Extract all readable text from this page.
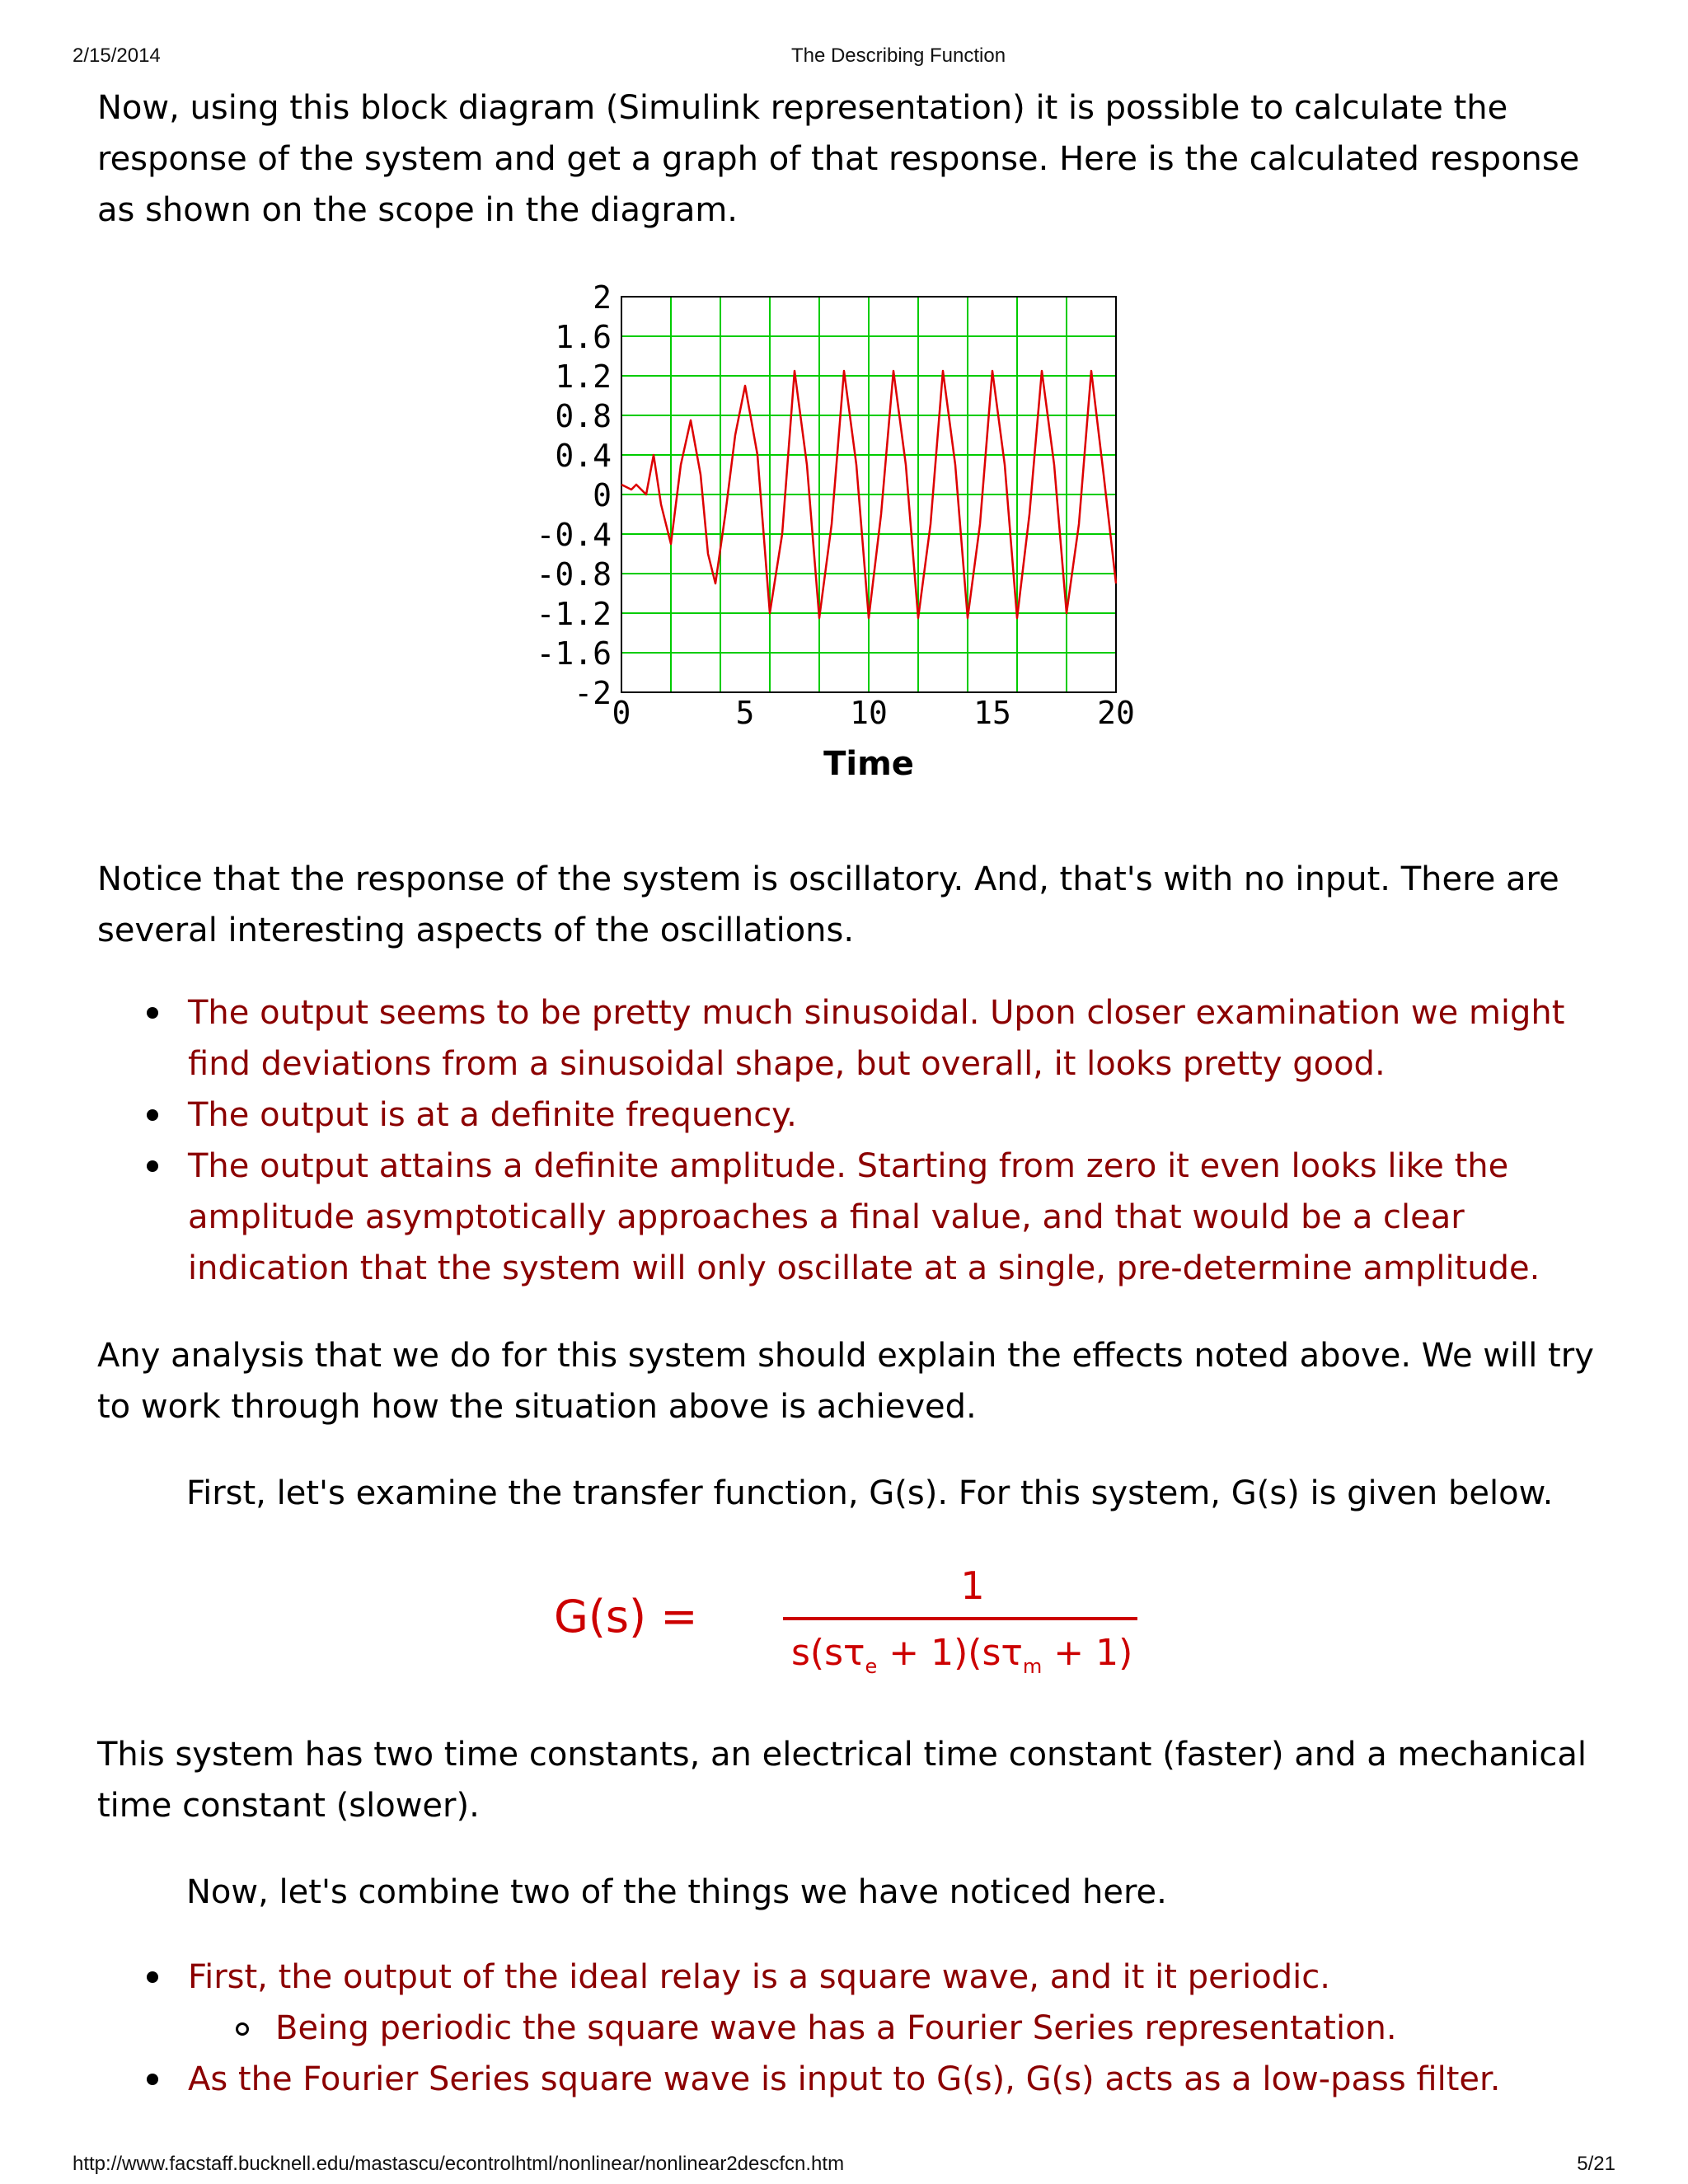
2/15/2014	The Describing Function
Now, using this block diagram (Simulink representation) it is possible to calculate the response of the system and get a graph of that response. Here is the calculated response as shown on the scope in the diagram.
2
1.6
1.2
0.8
0.4
0
-0.4
-0.8
-1.2
-1.6
-2
0	5	10	15	20
Time
Notice that the response of the system is oscillatory. And, that's with no input. There are several interesting aspects of the oscillations.
The output seems to be pretty much sinusoidal. Upon closer examination we might find deviations from a sinusoidal shape, but overall, it looks pretty good.
The output is at a definite frequency.
The output attains a definite amplitude. Starting from zero it even looks like the amplitude asymptotically approaches a final value, and that would be a clear indication that the system will only oscillate at a single, pre-determine amplitude.
Any analysis that we do for this system should explain the effects noted above. We will try to work through how the situation above is achieved.
First, let's examine the transfer function, G(s). For this system, G(s) is given below.
G(s) =
1
$s(s\tau_e + 1)(s\tau_m + 1)$
This system has two time constants, an electrical time constant (faster) and a mechanical time constant (slower).
Now, let's combine two of the things we have noticed here.
First, the output of the ideal relay is a square wave, and it it periodic.
Being periodic the square wave has a Fourier Series representation.
As the Fourier Series square wave is input to G(s), G(s) acts as a low-pass filter.
http://www.facstaff.bucknell.edu/mastascu/econtrolhtml/nonlinear/nonlinear2descfcn.htm	5/21
